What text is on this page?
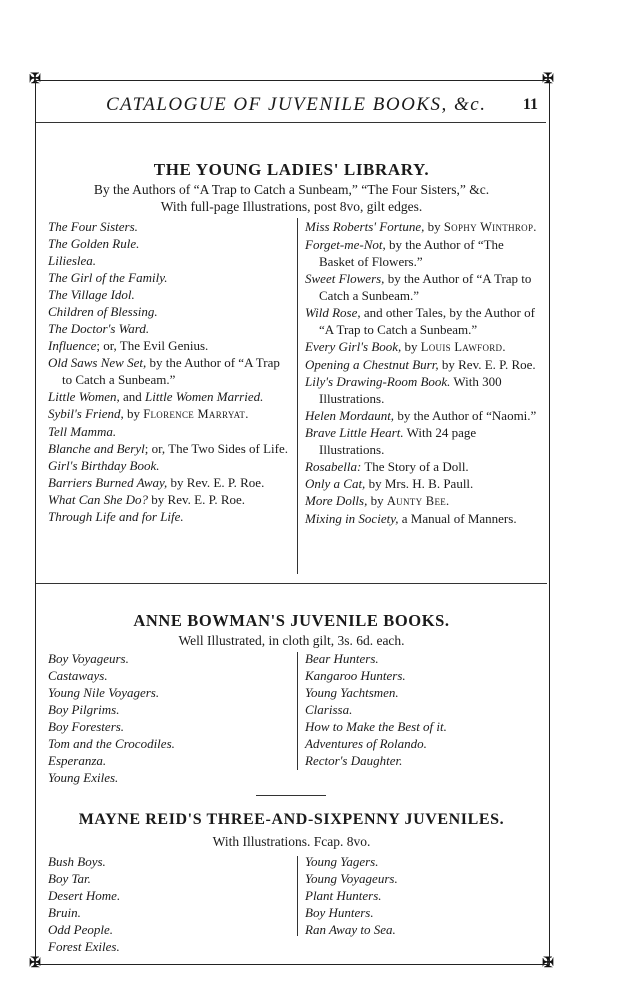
✠	✠
✠	✠
CATALOGUE OF JUVENILE BOOKS, &c. 11
THE YOUNG LADIES' LIBRARY.
By the Authors of “A Trap to Catch a Sunbeam,” “The Four Sisters,” &c.
With full-page Illustrations, post 8vo, gilt edges.
The Four Sisters.
The Golden Rule.
Lilieslea.
The Girl of the Family.
The Village Idol.
Children of Blessing.
The Doctor's Ward.
Influence; or, The Evil Genius.
Old Saws New Set, by the Author of “A Trap to Catch a Sunbeam.”
Little Women, and Little Women Married.
Sybil's Friend, by Florence Marryat.
Tell Mamma.
Blanche and Beryl; or, The Two Sides of Life.
Girl's Birthday Book.
Barriers Burned Away, by Rev. E. P. Roe.
What Can She Do? by Rev. E. P. Roe.
Through Life and for Life.
Miss Roberts' Fortune, by Sophy Winthrop.
Forget-me-Not, by the Author of “The Basket of Flowers.”
Sweet Flowers, by the Author of “A Trap to Catch a Sunbeam.”
Wild Rose, and other Tales, by the Author of “A Trap to Catch a Sunbeam.”
Every Girl's Book, by Louis Lawford.
Opening a Chestnut Burr, by Rev. E. P. Roe.
Lily's Drawing-Room Book. With 300 Illustrations.
Helen Mordaunt, by the Author of “Naomi.”
Brave Little Heart. With 24 page Illustrations.
Rosabella: The Story of a Doll.
Only a Cat, by Mrs. H. B. Paull.
More Dolls, by Aunty Bee.
Mixing in Society, a Manual of Manners.
ANNE BOWMAN'S JUVENILE BOOKS.
Well Illustrated, in cloth gilt, 3s. 6d. each.
Boy Voyageurs.
Castaways.
Young Nile Voyagers.
Boy Pilgrims.
Boy Foresters.
Tom and the Crocodiles.
Esperanza.
Young Exiles.
Bear Hunters.
Kangaroo Hunters.
Young Yachtsmen.
Clarissa.
How to Make the Best of it.
Adventures of Rolando.
Rector's Daughter.
MAYNE REID'S THREE-AND-SIXPENNY JUVENILES.
With Illustrations. Fcap. 8vo.
Bush Boys.
Boy Tar.
Desert Home.
Bruin.
Odd People.
Forest Exiles.
Young Yagers.
Young Voyageurs.
Plant Hunters.
Boy Hunters.
Ran Away to Sea.
